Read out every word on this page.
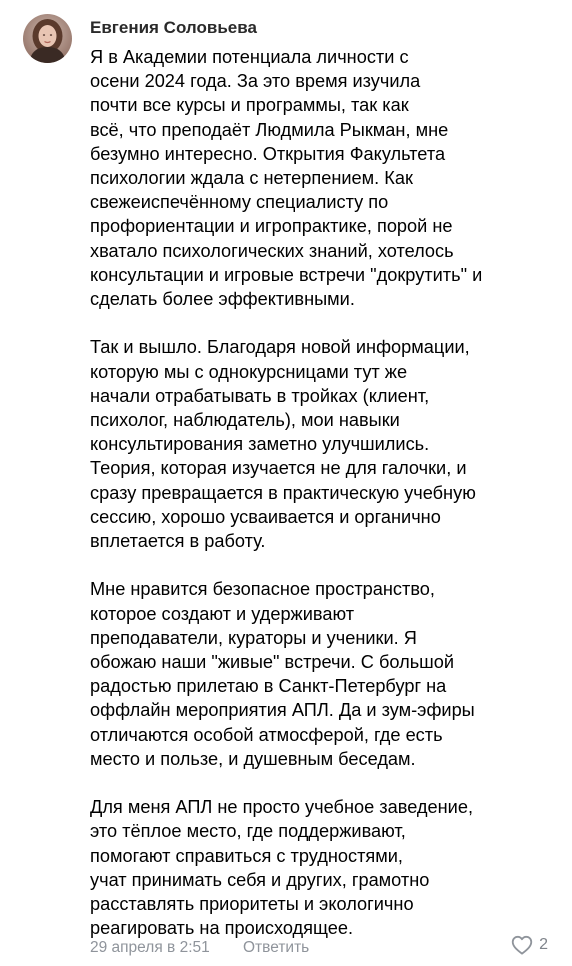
Евгения Соловьева

Я в Академии потенциала личности с
осени 2024 года. За это время изучила
почти все курсы и программы, так как
всё, что преподаёт Людмила Рыкман, мне
безумно интересно. Открытия Факультета
психологии ждала с нетерпением. Как
свежеиспечённому специалисту по
профориентации и игропрактике, порой не
хватало психологических знаний, хотелось
консультации и игровые встречи "докрутить" и
сделать более эффективными.

Так и вышло. Благодаря новой информации,
которую мы с однокурсницами тут же
начали отрабатывать в тройках (клиент,
психолог, наблюдатель), мои навыки
консультирования заметно улучшились.
Теория, которая изучается не для галочки, и
сразу превращается в практическую учебную
сессию, хорошо усваивается и органично
вплетается в работу.

Мне нравится безопасное пространство,
которое создают и удерживают
преподаватели, кураторы и ученики. Я
обожаю наши "живые" встречи. С большой
радостью прилетаю в Санкт-Петербург на
оффлайн мероприятия АПЛ. Да и зум-эфиры
отличаются особой атмосферой, где есть
место и пользе, и душевным беседам.

Для меня АПЛ не просто учебное заведение,
это тёплое место, где поддерживают,
помогают справиться с трудностями,
учат принимать себя и других, грамотно
расставлять приоритеты и экологично
реагировать на происходящее.

29 апреля в 2:51 Ответить	2
